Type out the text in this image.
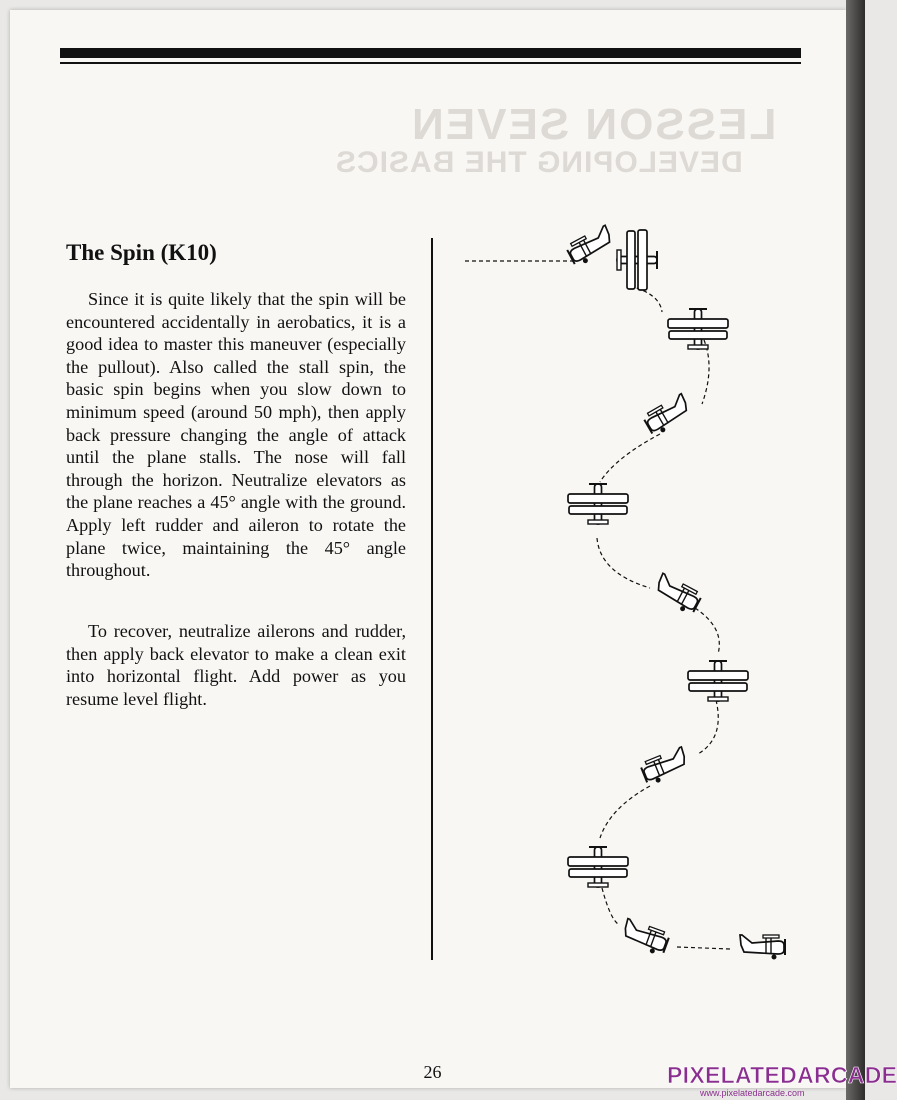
LESSON SEVEN
DEVELOPING THE BASICS
The Spin (K10)

Since it is quite likely that the spin will be encountered accidentally in aerobatics, it is a good idea to master this maneuver (especially the pullout). Also called the stall spin, the basic spin begins when you slow down to minimum speed (around 50 mph), then apply back pressure changing the angle of attack until the plane stalls. The nose will fall through the horizon. Neutralize elevators as the plane reaches a 45° angle with the ground. Apply left rudder and aileron to rotate the plane twice, maintaining the 45° angle throughout.

To recover, neutralize ailerons and rudder, then apply back elevator to make a clean exit into horizontal flight. Add power as you resume level flight.

26	PIXELATEDARCADE
www.pixelatedarcade.com
